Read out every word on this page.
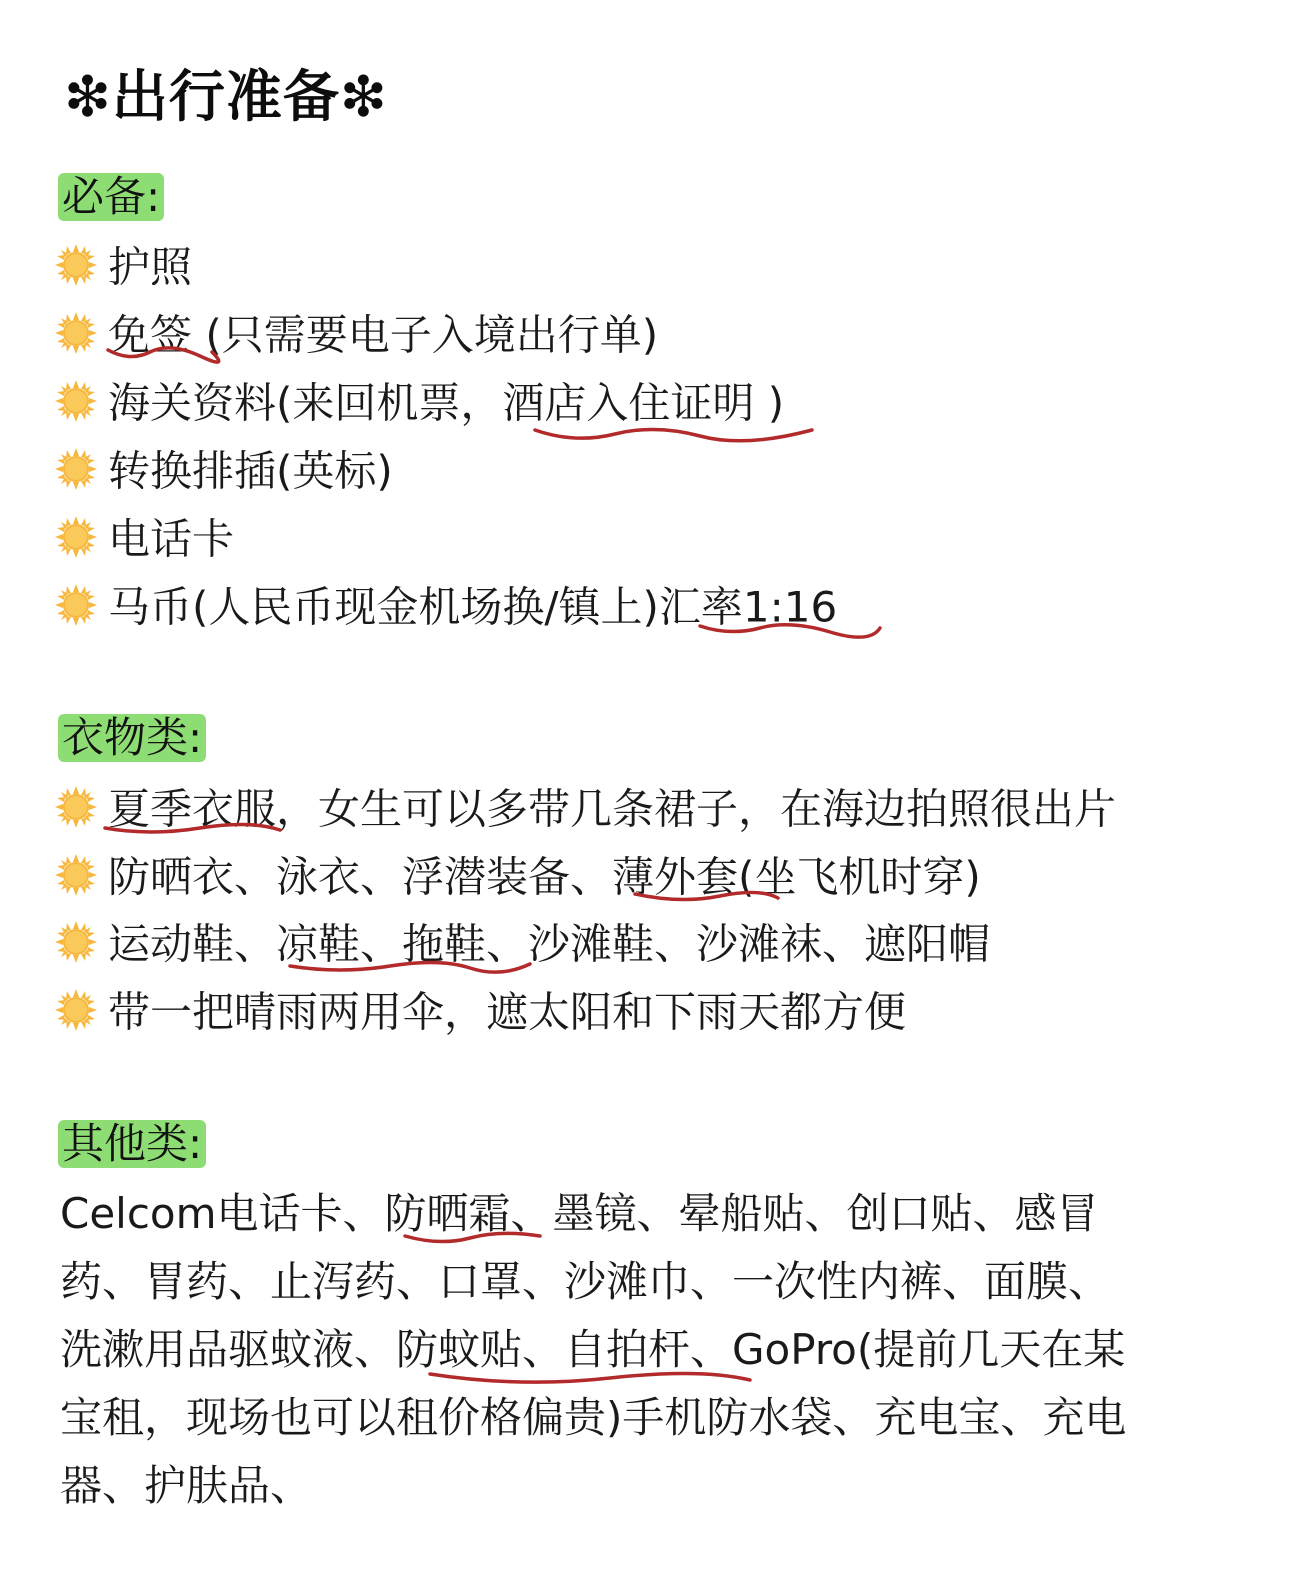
❇出行准备❇
必备:
护照
免签 (只需要电子入境出行单)
海关资料(来回机票，酒店入住证明 )
转换排插(英标)
电话卡
马币(人民币现金机场换/镇上)汇率1:16
衣物类:
夏季衣服，女生可以多带几条裙子，在海边拍照很出片
防晒衣、泳衣、浮潜装备、薄外套(坐飞机时穿)
运动鞋、凉鞋、拖鞋、沙滩鞋、沙滩袜、遮阳帽
带一把晴雨两用伞，遮太阳和下雨天都方便
其他类:
Celcom电话卡、防晒霜、墨镜、晕船贴、创口贴、感冒
药、胃药、止泻药、口罩、沙滩巾、一次性内裤、面膜、
洗漱用品驱蚊液、防蚊贴、自拍杆、GoPro(提前几天在某
宝租，现场也可以租价格偏贵)手机防水袋、充电宝、充电
器、护肤品、
